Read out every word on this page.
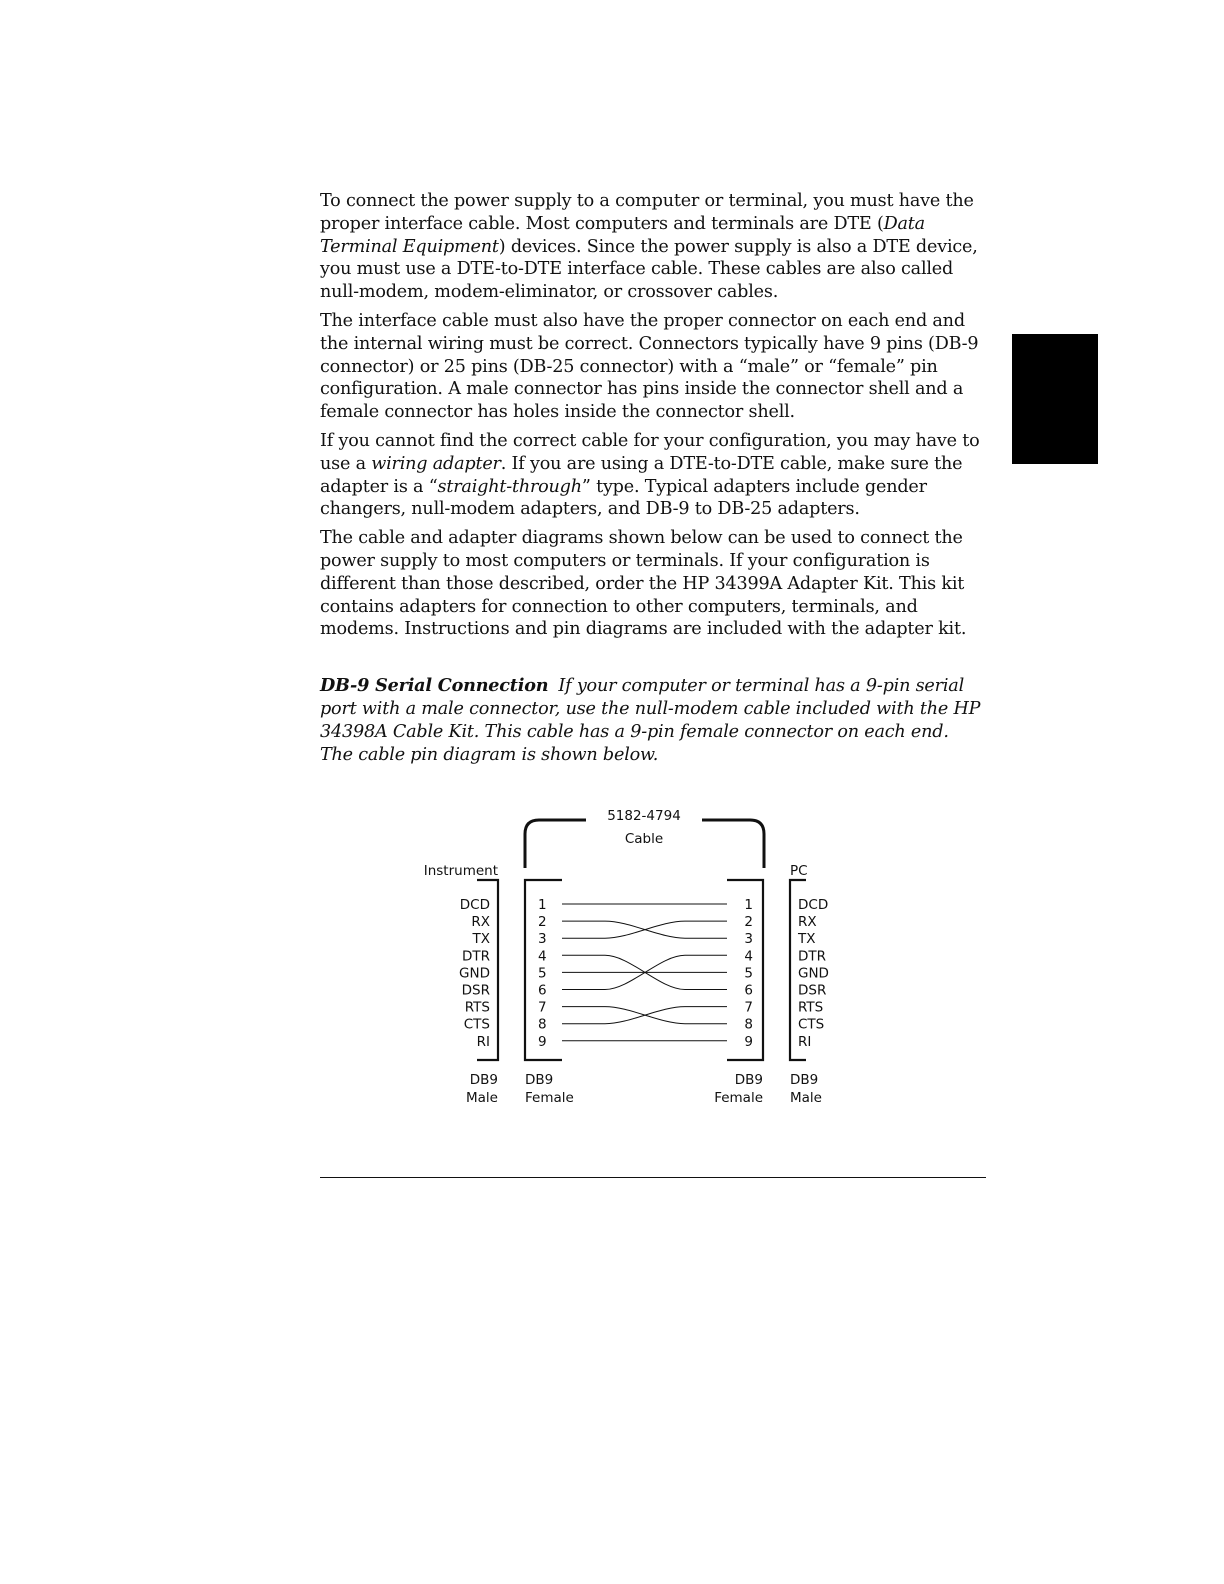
To connect the power supply to a computer or terminal, you must have the proper interface cable. Most computers and terminals are DTE (Data Terminal Equipment) devices. Since the power supply is also a DTE device, you must use a DTE-to-DTE interface cable. These cables are also called null-modem, modem-eliminator, or crossover cables.

The interface cable must also have the proper connector on each end and the internal wiring must be correct. Connectors typically have 9 pins (DB-9 connector) or 25 pins (DB-25 connector) with a “male” or “female” pin configuration. A male connector has pins inside the connector shell and a female connector has holes inside the connector shell.

If you cannot find the correct cable for your configuration, you may have to use a wiring adapter. If you are using a DTE-to-DTE cable, make sure the adapter is a “straight-through” type. Typical adapters include gender changers, null-modem adapters, and DB-9 to DB-25 adapters.

The cable and adapter diagrams shown below can be used to connect the power supply to most computers or terminals. If your configuration is different than those described, order the HP 34399A Adapter Kit. This kit contains adapters for connection to other computers, terminals, and modems. Instructions and pin diagrams are included with the adapter kit.

DB-9 Serial Connection If your computer or terminal has a 9-pin serial port with a male connector, use the null-modem cable included with the HP 34398A Cable Kit. This cable has a 9-pin female connector on each end. The cable pin diagram is shown below.

5182-4794
Cable
Instrument	PC
DCD
RX
TX
DTR
GND
DSR
RTS
CTS
RI
1
2
3
4
5
6
7
8
9
1
2
3
4
5
6
7
8
9
DCD
RX
TX
DTR
GND
DSR
RTS
CTS
RI
DB9
Male
DB9
Female
DB9
Female
DB9
Male
